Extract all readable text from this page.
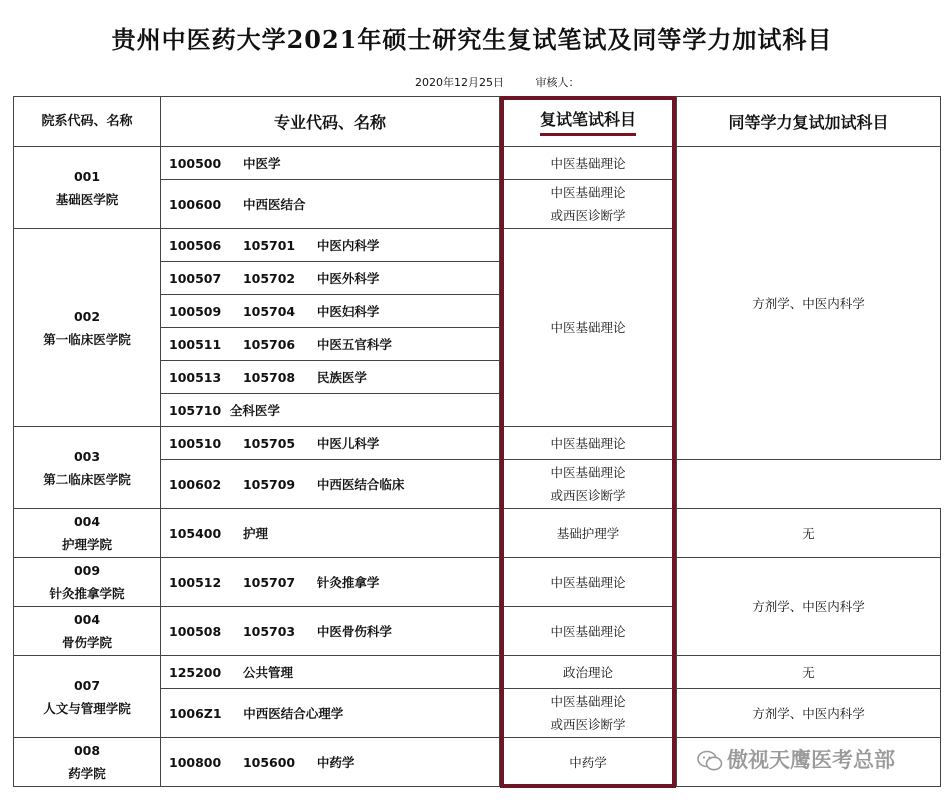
贵州中医药大学2021年硕士研究生复试笔试及同等学力加试科目
2020年12月25日	审核人：
院系代码、名称	专业代码、名称	复试笔试科目	同等学力复试加试科目

001
基础医学院	100500     中医学	中医基础理论	方剂学、中医内科学
	100600     中西医结合	中医基础理论或西医诊断学	

002
第一临床医学院	100506     105701     中医内科学	中医基础理论	
	100507     105702     中医外科学		
	100509     105704     中医妇科学		
	100511     105706     中医五官科学		
	100513     105708     民族医学		
	105710  全科医学		

003
第二临床医学院	100510     105705     中医儿科学	中医基础理论	
	100602     105709     中西医结合临床	中医基础理论或西医诊断学	

004
护理学院	105400     护理	基础护理学	无

009
针灸推拿学院	100512     105707     针灸推拿学	中医基础理论	方剂学、中医内科学

004
骨伤学院	100508     105703     中医骨伤科学	中医基础理论	

007
人文与管理学院	125200     公共管理	政治理论	无
	1006Z1     中西医结合心理学	中医基础理论或西医诊断学	方剂学、中医内科学

008
药学院	100800     105600     中药学	中药学		傲视天鹰医考总部
